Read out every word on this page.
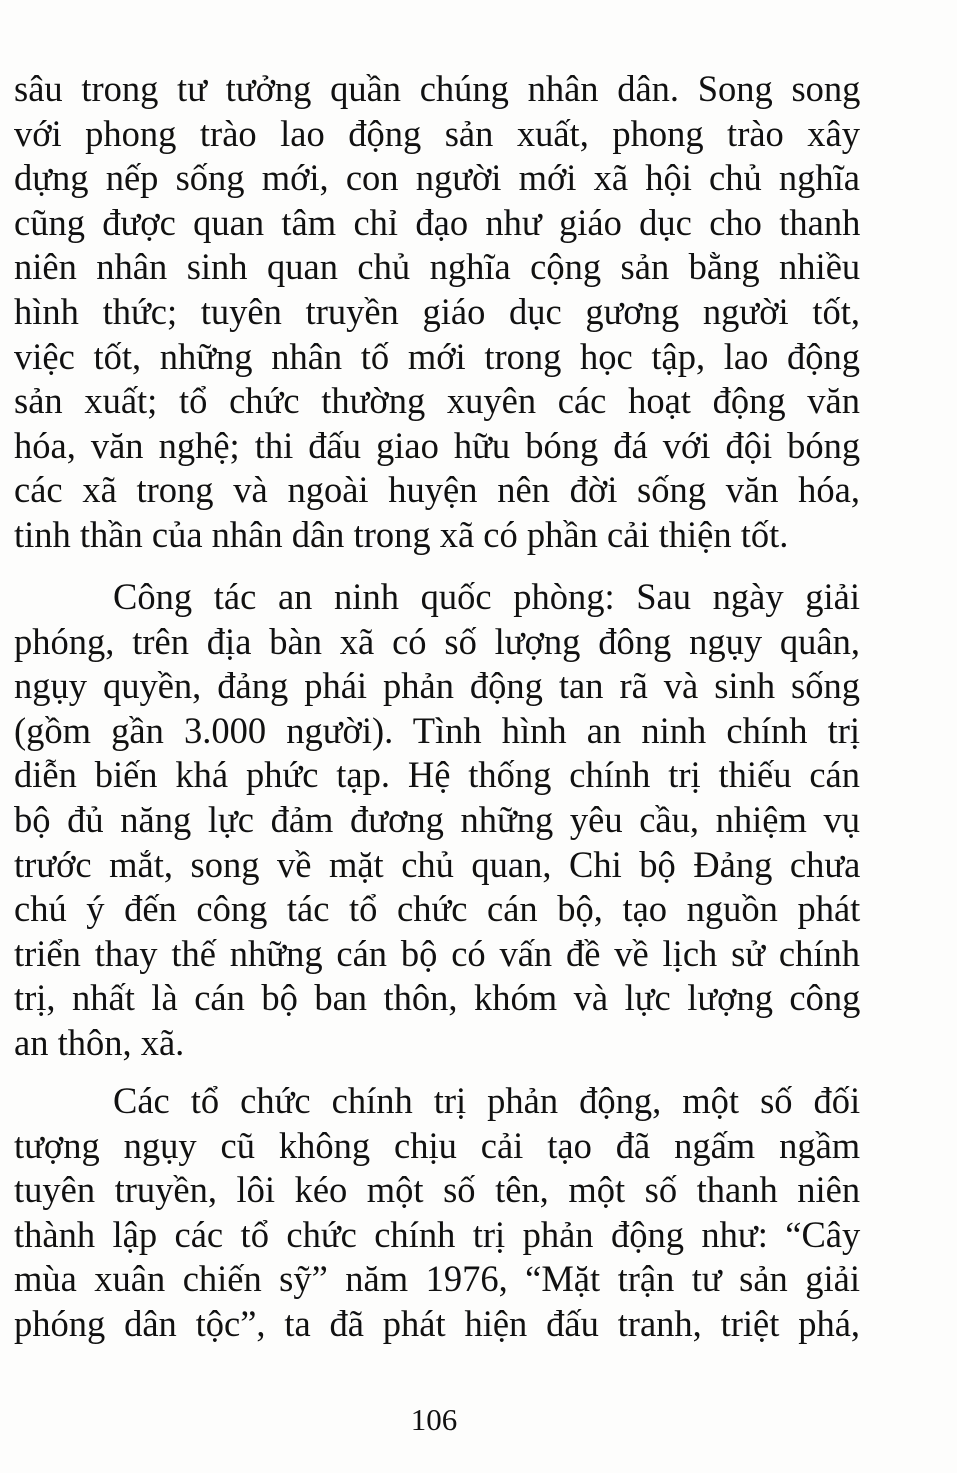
sâu trong tư tưởng quần chúng nhân dân. Song song
với phong trào lao động sản xuất, phong trào xây
dựng nếp sống mới, con người mới xã hội chủ nghĩa
cũng được quan tâm chỉ đạo như giáo dục cho thanh
niên nhân sinh quan chủ nghĩa cộng sản bằng nhiều
hình thức; tuyên truyền giáo dục gương người tốt,
việc tốt, những nhân tố mới trong học tập, lao động
sản xuất; tổ chức thường xuyên các hoạt động văn
hóa, văn nghệ; thi đấu giao hữu bóng đá với đội bóng
các xã trong và ngoài huyện nên đời sống văn hóa,
tinh thần của nhân dân trong xã có phần cải thiện tốt.
Công tác an ninh quốc phòng: Sau ngày giải
phóng, trên địa bàn xã có số lượng đông ngụy quân,
ngụy quyền, đảng phái phản động tan rã và sinh sống
(gồm gần 3.000 người). Tình hình an ninh chính trị
diễn biến khá phức tạp. Hệ thống chính trị thiếu cán
bộ đủ năng lực đảm đương những yêu cầu, nhiệm vụ
trước mắt, song về mặt chủ quan, Chi bộ Đảng chưa
chú ý đến công tác tổ chức cán bộ, tạo nguồn phát
triển thay thế những cán bộ có vấn đề về lịch sử chính
trị, nhất là cán bộ ban thôn, khóm và lực lượng công
an thôn, xã.
Các tổ chức chính trị phản động, một số đối
tượng ngụy cũ không chịu cải tạo đã ngấm ngầm
tuyên truyền, lôi kéo một số tên, một số thanh niên
thành lập các tổ chức chính trị phản động như: “Cây
mùa xuân chiến sỹ” năm 1976, “Mặt trận tư sản giải
phóng dân tộc”, ta đã phát hiện đấu tranh, triệt phá,
106
